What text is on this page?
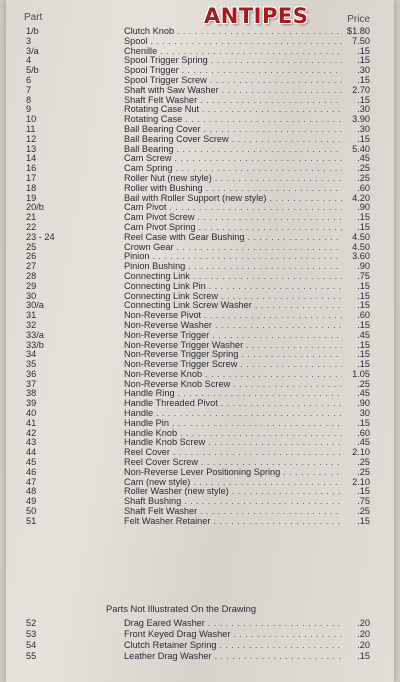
Part	Price
ANTIPES
1/b	Clutch Knob . . .	$1.80
3	Spool . . .	7.50
3/a	Chenille . . .	.15
4	Spool Trigger Spring . . .	.15
5/b	Spool Trigger . . .	.30
6	Spool Trigger Screw . . .	.15
7	Shaft with Saw Washer . . .	2.70
8	Shaft Felt Washer . . .	.15
9	Rotating Case Nut . . .	.30
10	Rotating Case . . .	3.90
11	Ball Bearing Cover . . .	.30
12	Ball Bearing Cover Screw . . .	.15
13	Ball Bearing . . .	5.40
14	Cam Screw . . .	.45
16	Cam Spring . . .	.25
17	Roller Nut (new style) . . .	.25
18	Roller with Bushing . . .	.60
19	Bail with Roller Support (new style) . . .	4.20
20/b	Cam Pivot . . .	.90
21	Cam Pivot Screw . . .	.15
22	Cam Pivot Spring . . .	.15
23 - 24	Reel Case with Gear Bushing . . .	4.50
25	Crown Gear . . .	4.50
26	Pinion . . .	3.60
27	Pinion Bushing . . .	.90
28	Connecting Link . . .	.75
29	Connecting Link Pin . . .	.15
30	Connecting Link Screw . . .	.15
30/a	Connecting Link Screw Washer . . .	.15
31	Non-Reverse Pivot . . .	.60
32	Non-Reverse Washer . . .	.15
33/a	Non-Reverse Trigger . . .	.45
33/b	Non-Reverse Trigger Washer . . .	.15
34	Non-Reverse Trigger Spring . . .	.15
35	Non-Reverse Trigger Screw . . .	.15
36	Non-Reverse Knob . . .	1.05
37	Non-Reverse Knob Screw . . .	.25
38	Handle Ring . . .	.45
39	Handle Threaded Pivot . . .	.90
40	Handle . . .	30
41	Handle Pin . . .	.15
42	Handle Knob . . .	.60
43	Handle Knob Screw . . .	.45
44	Reel Cover . . .	2.10
45	Reel Cover Screw . . .	.25
46	Non-Reverse Lever Positioning Spring . . .	.25
47	Cam (new style) . . .	2.10
48	Roller Washer (new style) . . .	.15
49	Shaft Bushing . . .	.75
50	Shaft Felt Washer . . .	.25
51	Felt Washer Retainer . . .	.15
Parts Not Illustrated On the Drawing
52	Drag Eared Washer . . .	.20
53	Front Keyed Drag Washer . . .	.20
54	Clutch Retainer Spring . . .	.20
55	Leather Drag Washer . . .	.15
